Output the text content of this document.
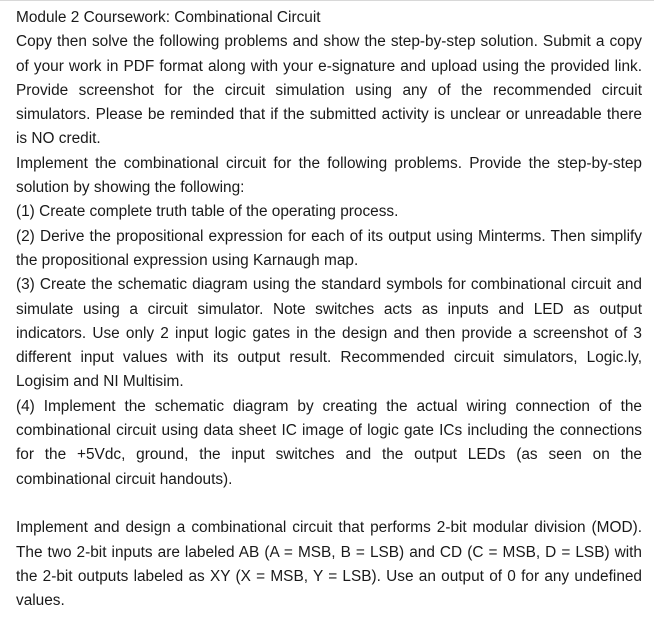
Module 2 Coursework: Combinational Circuit

Copy then solve the following problems and show the step-by-step solution. Submit a copy of your work in PDF format along with your e-signature and upload using the provided link. Provide screenshot for the circuit simulation using any of the recommended circuit simulators. Please be reminded that if the submitted activity is unclear or unreadable there is NO credit.

Implement the combinational circuit for the following problems. Provide the step-by-step solution by showing the following:

(1) Create complete truth table of the operating process.

(2) Derive the propositional expression for each of its output using Minterms. Then simplify the propositional expression using Karnaugh map.

(3) Create the schematic diagram using the standard symbols for combinational circuit and simulate using a circuit simulator. Note switches acts as inputs and LED as output indicators. Use only 2 input logic gates in the design and then provide a screenshot of 3 different input values with its output result. Recommended circuit simulators, Logic.ly, Logisim and NI Multisim.

(4) Implement the schematic diagram by creating the actual wiring connection of the combinational circuit using data sheet IC image of logic gate ICs including the connections for the +5Vdc, ground, the input switches and the output LEDs (as seen on the combinational circuit handouts).

Implement and design a combinational circuit that performs 2-bit modular division (MOD). The two 2-bit inputs are labeled AB (A = MSB, B = LSB) and CD (C = MSB, D = LSB) with the 2-bit outputs labeled as XY (X = MSB, Y = LSB). Use an output of 0 for any undefined values.
